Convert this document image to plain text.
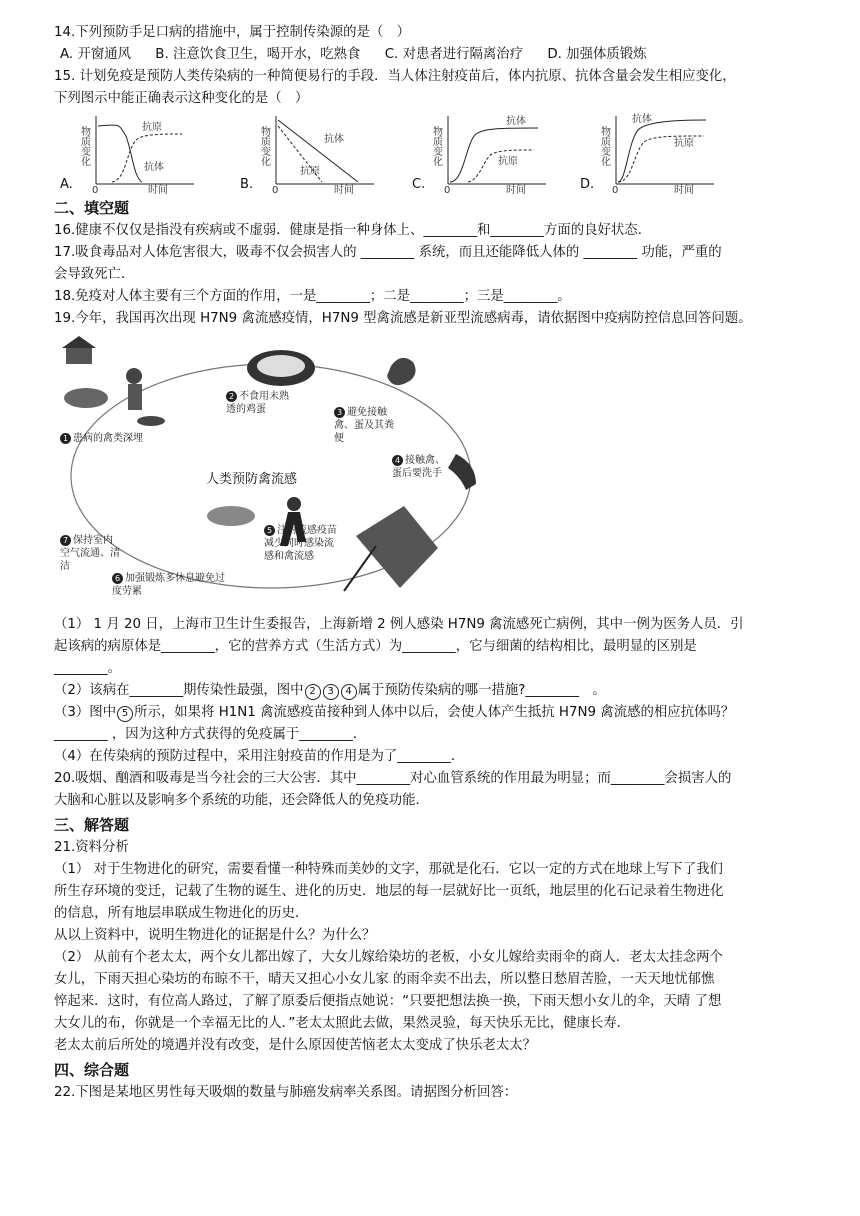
14.下列预防手足口病的措施中，属于控制传染源的是（　）
A. 开窗通风 B. 注意饮食卫生，喝开水，吃熟食 C. 对患者进行隔离治疗 D. 加强体质锻炼
15. 计划免疫是预防人类传染病的一种简便易行的手段．当人体注射疫苗后，体内抗原、抗体含量会发生相应变化，
下列图示中能正确表示这种变化的是（　）
A.
物质变化
0	时间
抗原
抗体
B.
物质变化
0	时间
抗体
抗原
C.
物质变化
0	时间
抗体
抗原
D.
物质变化
0	时间
抗体
抗原
二、填空题
16.健康不仅仅是指没有疾病或不虚弱．健康是指一种身体上、________和________方面的良好状态．
17.吸食毒品对人体危害很大，吸毒不仅会损害人的 ________ 系统，而且还能降低人体的 ________ 功能，严重的
会导致死亡．
18.免疫对人体主要有三个方面的作用，一是________；二是________；三是________。
19.今年，我国再次出现 H7N9 禽流感疫情，H7N9 型禽流感是新亚型流感病毒，请依据图中疫病防控信息回答问题。
人类预防禽流感
1 患病的禽类深埋
2 不食用未熟透的鸡蛋	3 避免接触禽、蛋及其粪便
4 接触禽、蛋后要洗手
5 注射流感疫苗减少同时感染流感和禽流感
6 加强锻炼多休息避免过度劳累
7 保持室内空气流通、清洁
（1） 1 月 20 日，上海市卫生计生委报告，上海新增 2 例人感染 H7N9 禽流感死亡病例，其中一例为医务人员．引
起该病的病原体是________，它的营养方式（生活方式）为________，它与细菌的结构相比，最明显的区别是
________。
（2）该病在________期传染性最强，图中 2 3 4 属于预防传染病的哪一措施?________　。
（3）图中 5 所示，如果将 H1N1 禽流感疫苗接种到人体中以后，会使人体产生抵抗 H7N9 禽流感的相应抗体吗？
________ ，因为这种方式获得的免疫属于________．
（4）在传染病的预防过程中，采用注射疫苗的作用是为了________．
20.吸烟、酗酒和吸毒是当今社会的三大公害．其中________对心血管系统的作用最为明显；而________会损害人的
大脑和心脏以及影响多个系统的功能，还会降低人的免疫功能．
三、解答题
21.资料分析
（1） 对于生物进化的研究，需要看懂一种特殊而美妙的文字，那就是化石．它以一定的方式在地球上写下了我们
所生存环境的变迁，记载了生物的诞生、进化的历史．地层的每一层就好比一页纸，地层里的化石记录着生物进化
的信息，所有地层串联成生物进化的历史．
从以上资料中，说明生物进化的证据是什么？为什么？
（2） 从前有个老太太，两个女儿都出嫁了，大女儿嫁给染坊的老板，小女儿嫁给卖雨伞的商人．老太太挂念两个
女儿，下雨天担心染坊的布晾不干，晴天又担心小女儿家 的雨伞卖不出去，所以整日愁眉苦脸，一天天地忧郁憔
悴起来．这时，有位高人路过，了解了原委后便指点她说：“只要把想法换一换，下雨天想小女儿的伞，天晴 了想
大女儿的布，你就是一个幸福无比的人．”老太太照此去做，果然灵验，每天快乐无比，健康长寿．
老太太前后所处的境遇并没有改变，是什么原因使苦恼老太太变成了快乐老太太？
四、综合题
22.下图是某地区男性每天吸烟的数量与肺癌发病率关系图。请据图分析回答：
